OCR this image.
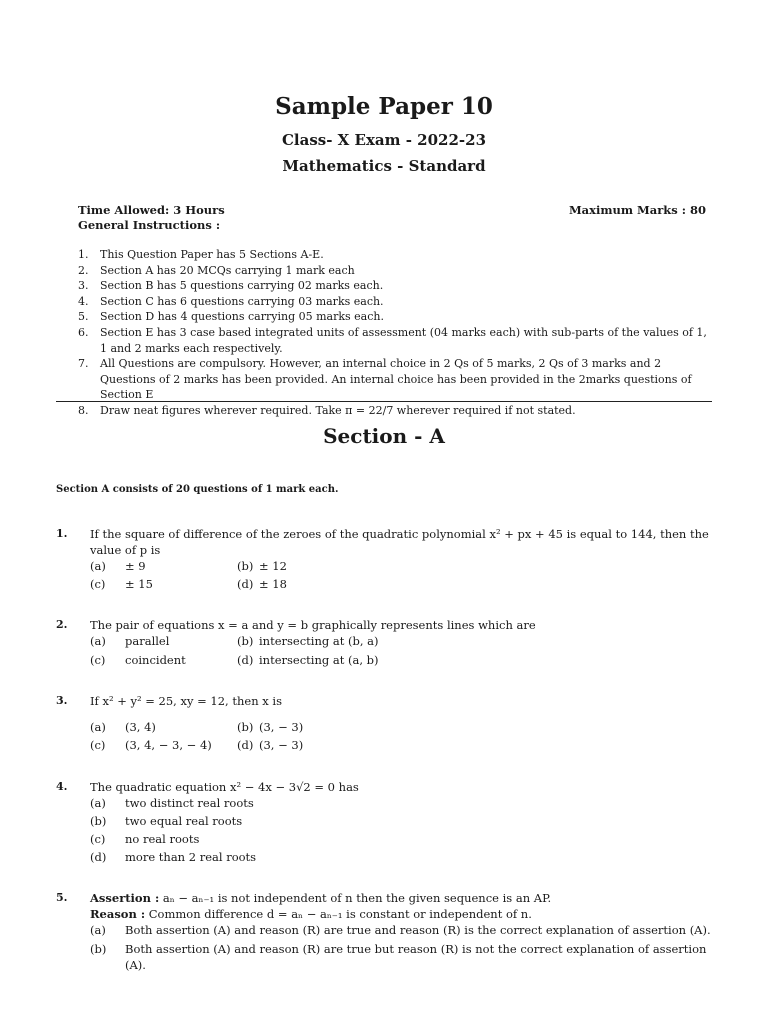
Sample Paper 10
Class- X Exam - 2022-23
Mathematics - Standard
Time Allowed: 3 Hours	Maximum Marks : 80
General Instructions :
1.	This Question Paper has 5 Sections A-E.
2.	Section A has 20 MCQs carrying 1 mark each
3.	Section B has 5 questions carrying 02 marks each.
4.	Section C has 6 questions carrying 03 marks each.
5.	Section D has 4 questions carrying 05 marks each.
6.	Section E has 3 case based integrated units of assessment (04 marks each) with sub-parts of the values of 1, 1 and 2 marks each respectively.
7.	All Questions are compulsory. However, an internal choice in 2 Qs of 5 marks, 2 Qs of 3 marks and 2 Questions of 2 marks has been provided. An internal choice has been provided in the 2marks questions of Section E
8.	Draw neat figures wherever required. Take π = 22/7 wherever required if not stated.
Section - A
Section A consists of 20 questions of 1 mark each.
1. If the square of difference of the zeroes of the quadratic polynomial x² + px + 45 is equal to 144, then the value of p is
(a) ± 9	(b) ± 12
(c) ± 15	(d) ± 18
2. The pair of equations x = a and y = b graphically represents lines which are
(a) parallel	(b) intersecting at (b, a)
(c) coincident	(d) intersecting at (a, b)
3. If x² + y² = 25, xy = 12, then x is
(a) (3, 4)	(b) (3, − 3)
(c) (3, 4, − 3, − 4) (d) (3, − 3)
4. The quadratic equation x² − 4x − 3√2 = 0 has
(a) two distinct real roots
(b) two equal real roots
(c) no real roots
(d) more than 2 real roots
5. Assertion : aₙ − aₙ₋₁ is not independent of n then the given sequence is an AP.
Reason : Common difference d = aₙ − aₙ₋₁ is constant or independent of n.
(a) Both assertion (A) and reason (R) are true and reason (R) is the correct explanation of assertion (A).
(b) Both assertion (A) and reason (R) are true but reason (R) is not the correct explanation of assertion (A).
